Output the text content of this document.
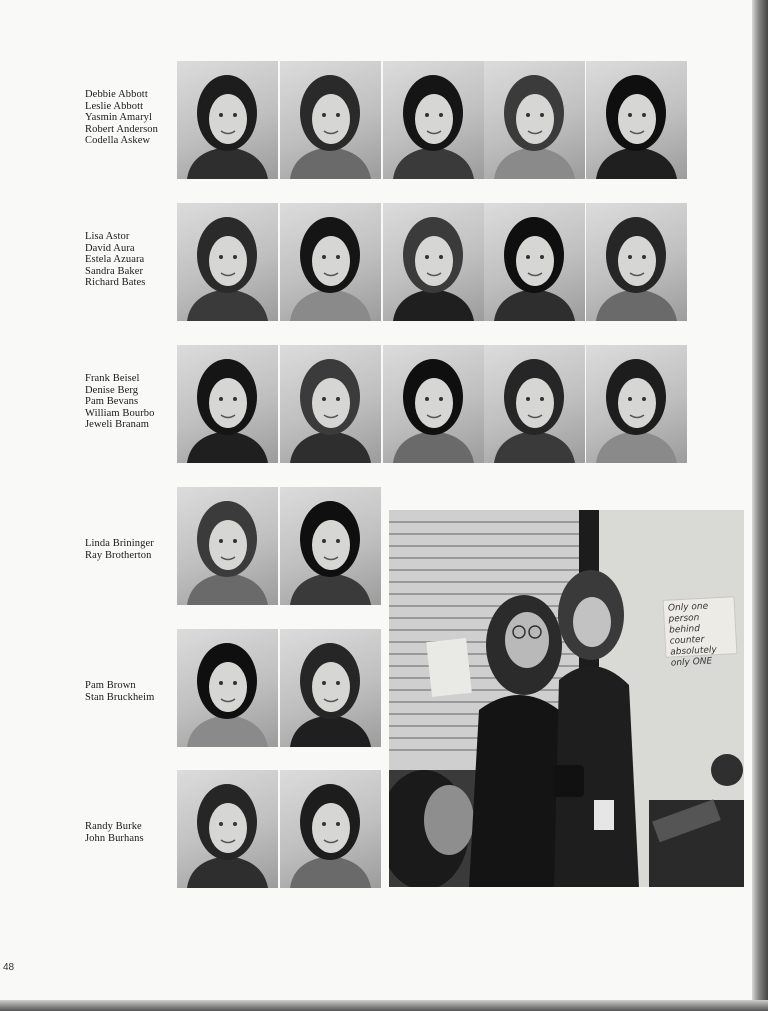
Debbie Abbott
Leslie Abbott
Yasmin Amaryl
Robert Anderson
Codella Askew
Lisa Astor
David Aura
Estela Azuara
Sandra Baker
Richard Bates
Frank Beisel
Denise Berg
Pam Bevans
William Bourbo
Jeweli Branam
Linda Brininger
Ray Brotherton
Pam Brown
Stan Bruckheim
Randy Burke
John Burhans
Only one person
behind counter
absolutely
only ONE
48
